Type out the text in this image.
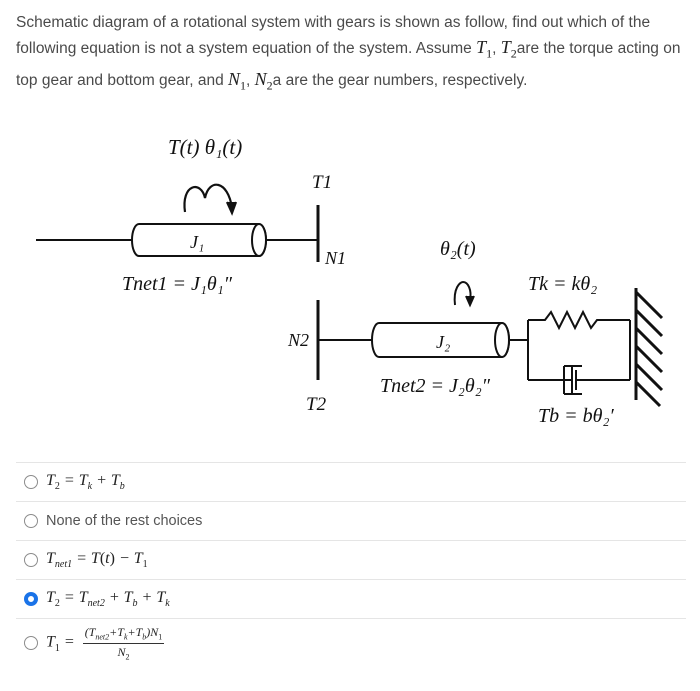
Schematic diagram of a rotational system with gears is shown as follow, find out which of the following equation is not a system equation of the system. Assume $T_1$, $T_2are$ the torque acting on top gear and bottom gear, and $N_1$, $N_2a$ are the gear numbers, respectively.
T(t) θ₁(t)
J₁
T1
N1
Tnet1 = J₁θ₁″
N2
T2
J₂
θ₂(t)
Tnet2 = J₂θ₂″
Tk = kθ₂
Tb = bθ₂′
$T_2 = T_k + T_b$
None of the rest choices
$T_{net1} = T(t) - T_1$
$T_2 = T_{net2} + T_b + T_k$
$T_1 = \frac{(T_{net2}+T_k+T_b)N_1}{N_2}$
